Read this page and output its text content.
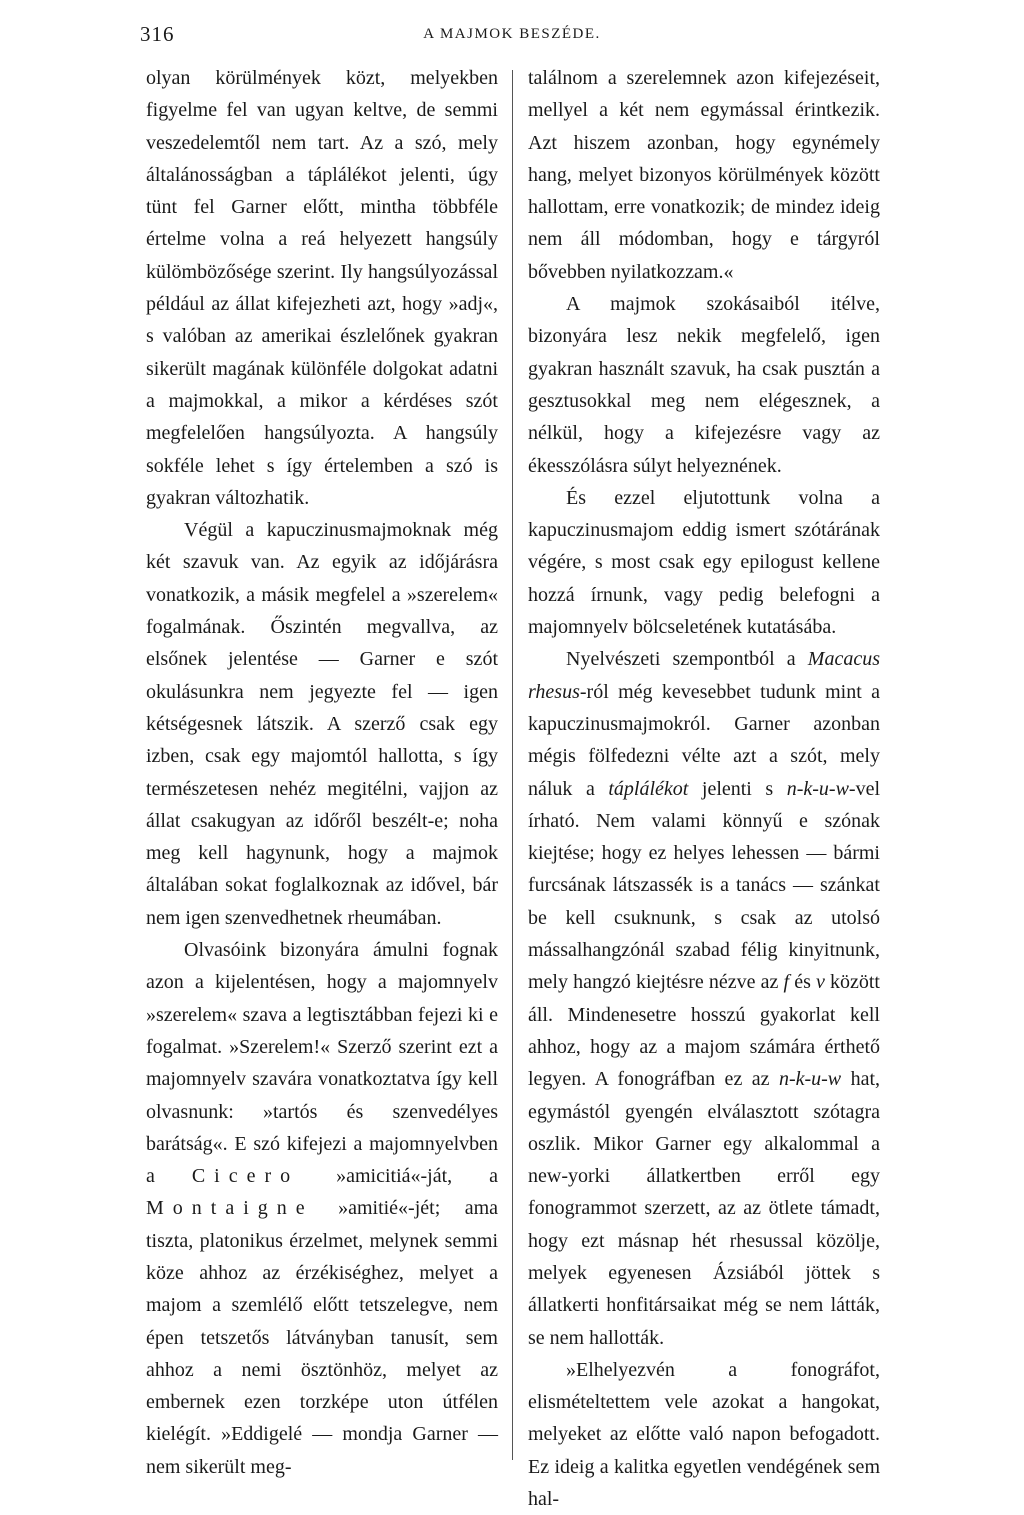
316	A MAJMOK BESZÉDE.

olyan körülmények közt, melyekben figyelme fel van ugyan keltve, de semmi veszedelemtől nem tart. Az a szó, mely általánosságban a táplálékot jelenti, úgy tünt fel Garner előtt, mintha többféle értelme volna a reá helyezett hangsúly külömbözősége szerint. Ily hangsúlyozással például az állat kifejezheti azt, hogy »adj«, s valóban az amerikai észlelőnek gyakran sikerült magának különféle dolgokat adatni a majmokkal, a mikor a kérdéses szót megfelelően hangsúlyozta. A hangsúly sokféle lehet s így értelemben a szó is gyakran változhatik.

Végül a kapuczinusmajmoknak még két szavuk van. Az egyik az időjárásra vonatkozik, a másik megfelel a »szerelem« fogalmának. Őszintén megvallva, az elsőnek jelentése — Garner e szót okulásunkra nem jegyezte fel — igen kétségesnek látszik. A szerző csak egy izben, csak egy majomtól hallotta, s így természetesen nehéz megitélni, vajjon az állat csakugyan az időről beszélt-e; noha meg kell hagynunk, hogy a majmok általában sokat foglalkoznak az idővel, bár nem igen szenvedhetnek rheumában.

Olvasóink bizonyára ámulni fognak azon a kijelentésen, hogy a majomnyelv »szerelem« szava a legtisztábban fejezi ki e fogalmat. »Szerelem!« Szerző szerint ezt a majomnyelv szavára vonatkoztatva így kell olvasnunk: »tartós és szenvedélyes barátság«. E szó kifejezi a majomnyelvben a Cicero »amicitiá«-ját, a Montaigne »amitié«-jét; ama tiszta, platonikus érzelmet, melynek semmi köze ahhoz az érzékiséghez, melyet a majom a szemlélő előtt tetszelegve, nem épen tetszetős látványban tanusít, sem ahhoz a nemi ösztönhöz, melyet az embernek ezen torzképe uton útfélen kielégít. »Eddigelé — mondja Garner — nem sikerült meg-

találnom a szerelemnek azon kifejezéseit, mellyel a két nem egymással érintkezik. Azt hiszem azonban, hogy egynémely hang, melyet bizonyos körülmények között hallottam, erre vonatkozik; de mindez ideig nem áll módomban, hogy e tárgyról bővebben nyilatkozzam.«

A majmok szokásaiból itélve, bizonyára lesz nekik megfelelő, igen gyakran használt szavuk, ha csak pusztán a gesztusokkal meg nem elégesznek, a nélkül, hogy a kifejezésre vagy az ékesszólásra súlyt helyeznének.

És ezzel eljutottunk volna a kapuczinusmajom eddig ismert szótárának végére, s most csak egy epilogust kellene hozzá írnunk, vagy pedig belefogni a majomnyelv bölcseletének kutatásába.

Nyelvészeti szempontból a Macacus rhesus-ról még kevesebbet tudunk mint a kapuczinusmajmokról. Garner azonban mégis fölfedezni vélte azt a szót, mely náluk a táplálékot jelenti s n-k-u-w-vel írható. Nem valami könnyű e szónak kiejtése; hogy ez helyes lehessen — bármi furcsának látszassék is a tanács — szánkat be kell csuknunk, s csak az utolsó mássalhangzónál szabad félig kinyitnunk, mely hangzó kiejtésre nézve az f és v között áll. Mindenesetre hosszú gyakorlat kell ahhoz, hogy az a majom számára érthető legyen. A fonográfban ez az n-k-u-w hat, egymástól gyengén elválasztott szótagra oszlik. Mikor Garner egy alkalommal a new-yorki állatkertben erről egy fonogrammot szerzett, az az ötlete támadt, hogy ezt másnap hét rhesussal közölje, melyek egyenesen Ázsiából jöttek s állatkerti honfitársaikat még se nem látták, se nem hallották.

»Elhelyezvén a fonográfot, elismételtettem vele azokat a hangokat, melyeket az előtte való napon befogadott. Ez ideig a kalitka egyetlen vendégének sem hal-
